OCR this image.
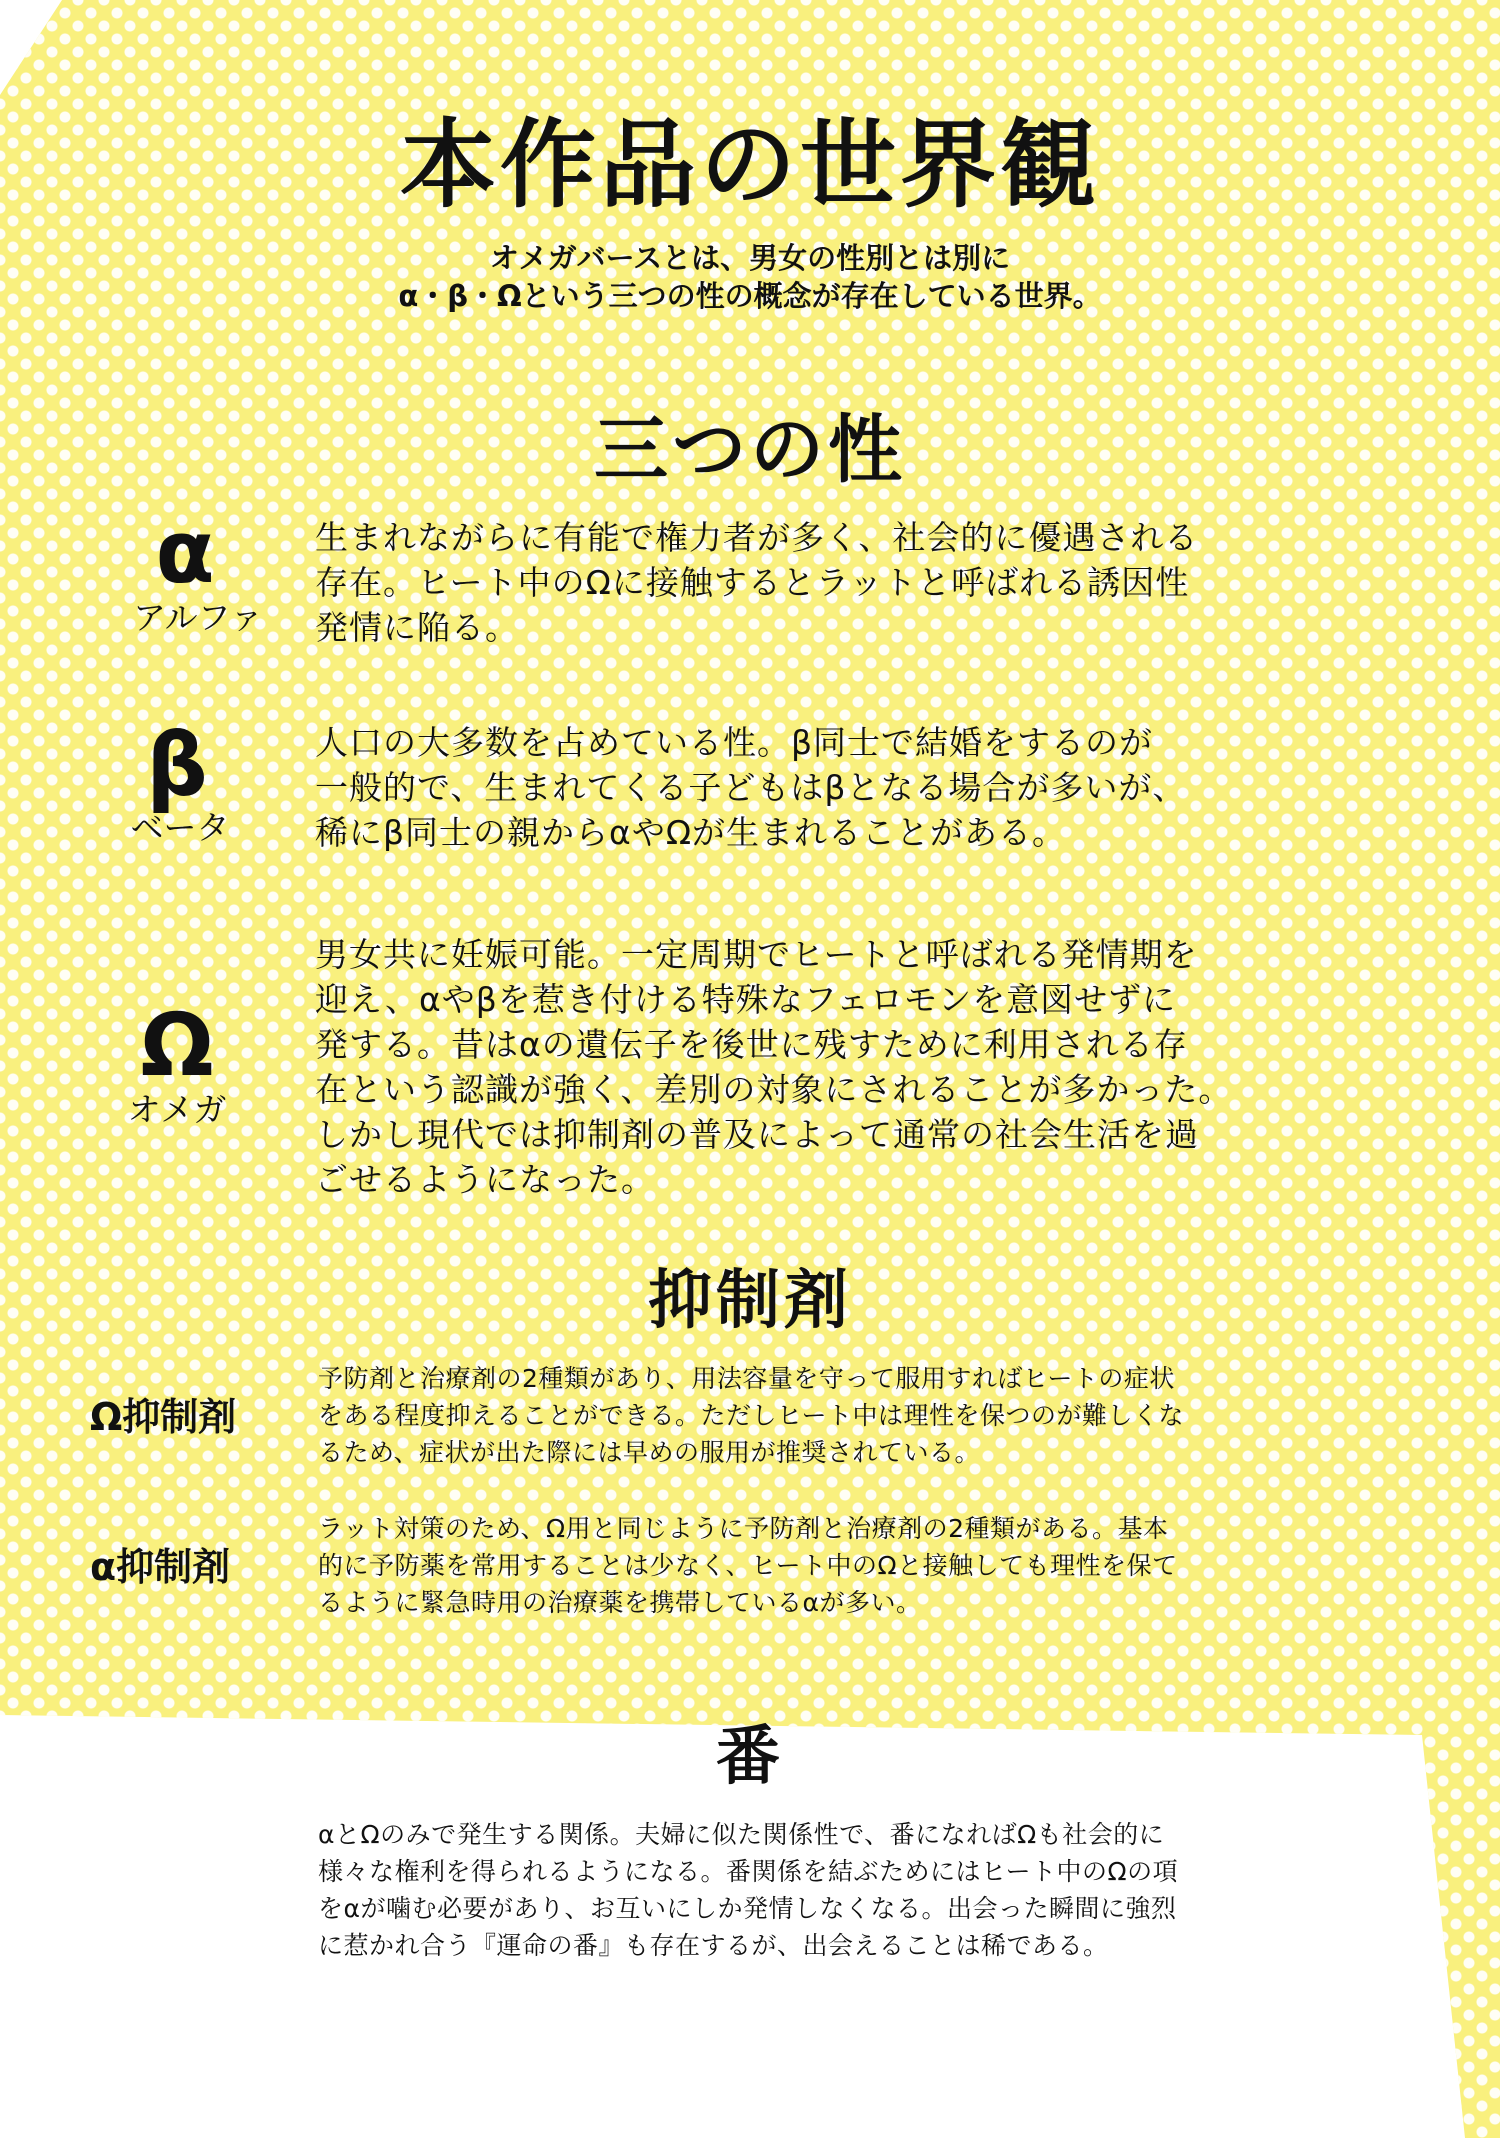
本作品の世界観
オメガバースとは、男女の性別とは別に
α・β・Ωという三つの性の概念が存在している世界。
三つの性
α
アルファ
生まれながらに有能で権力者が多く、社会的に優遇される
存在。ヒート中のΩに接触するとラットと呼ばれる誘因性
発情に陥る。
β
ベータ
人口の大多数を占めている性。β同士で結婚をするのが
一般的で、生まれてくる子どもはβとなる場合が多いが、
稀にβ同士の親からαやΩが生まれることがある。
Ω
オメガ
男女共に妊娠可能。一定周期でヒートと呼ばれる発情期を
迎え、αやβを惹き付ける特殊なフェロモンを意図せずに
発する。昔はαの遺伝子を後世に残すために利用される存
在という認識が強く、差別の対象にされることが多かった。
しかし現代では抑制剤の普及によって通常の社会生活を過
ごせるようになった。
抑制剤
Ω抑制剤
予防剤と治療剤の2種類があり、用法容量を守って服用すればヒートの症状
をある程度抑えることができる。ただしヒート中は理性を保つのが難しくな
るため、症状が出た際には早めの服用が推奨されている。
α抑制剤
ラット対策のため、Ω用と同じように予防剤と治療剤の2種類がある。基本
的に予防薬を常用することは少なく、ヒート中のΩと接触しても理性を保て
るように緊急時用の治療薬を携帯しているαが多い。
番
αとΩのみで発生する関係。夫婦に似た関係性で、番になればΩも社会的に
様々な権利を得られるようになる。番関係を結ぶためにはヒート中のΩの項
をαが噛む必要があり、お互いにしか発情しなくなる。出会った瞬間に強烈
に惹かれ合う『運命の番』も存在するが、出会えることは稀である。
